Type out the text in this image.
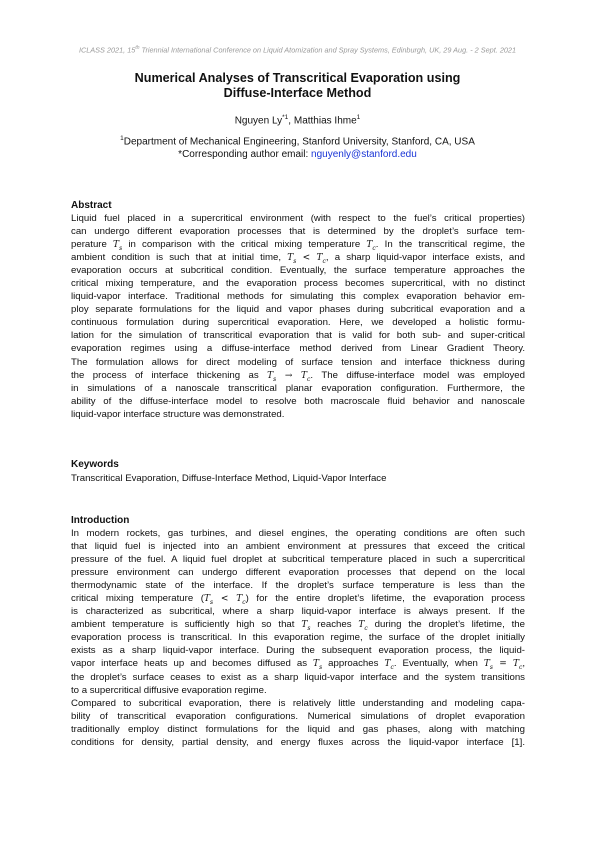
ICLASS 2021, 15th Triennial International Conference on Liquid Atomization and Spray Systems, Edinburgh, UK, 29 Aug. - 2 Sept. 2021
Numerical Analyses of Transcritical Evaporation using
Diffuse-Interface Method
Nguyen Ly$^{*1}$, Matthias Ihme$^1$
$^1$Department of Mechanical Engineering, Stanford University, Stanford, CA, USA
*Corresponding author email: nguyenly@stanford.edu
Abstract
Liquid fuel placed in a supercritical environment (with respect to the fuel’s critical properties)
can undergo different evaporation processes that is determined by the droplet’s surface tem-
perature $T_s$ in comparison with the critical mixing temperature $T_c$. In the transcritical regime, the
ambient condition is such that at initial time, $T_s < T_c$, a sharp liquid-vapor interface exists, and
evaporation occurs at subcritical condition. Eventually, the surface temperature approaches the
critical mixing temperature, and the evaporation process becomes supercritical, with no distinct
liquid-vapor interface. Traditional methods for simulating this complex evaporation behavior em-
ploy separate formulations for the liquid and vapor phases during subcritical evaporation and a
continuous formulation during supercritical evaporation. Here, we developed a holistic formu-
lation for the simulation of transcritical evaporation that is valid for both sub- and super-critical
evaporation regimes using a diffuse-interface method derived from Linear Gradient Theory.
The formulation allows for direct modeling of surface tension and interface thickness during
the process of interface thickening as $T_s \to T_c$. The diffuse-interface model was employed
in simulations of a nanoscale transcritical planar evaporation configuration. Furthermore, the
ability of the diffuse-interface model to resolve both macroscale fluid behavior and nanoscale
liquid-vapor interface structure was demonstrated.
Keywords
Transcritical Evaporation, Diffuse-Interface Method, Liquid-Vapor Interface
Introduction
In modern rockets, gas turbines, and diesel engines, the operating conditions are often such
that liquid fuel is injected into an ambient environment at pressures that exceed the critical
pressure of the fuel. A liquid fuel droplet at subcritical temperature placed in such a supercritical
pressure environment can undergo different evaporation processes that depend on the local
thermodynamic state of the interface. If the droplet’s surface temperature is less than the
critical mixing temperature $(T_s < T_c)$ for the entire droplet’s lifetime, the evaporation process
is characterized as subcritical, where a sharp liquid-vapor interface is always present. If the
ambient temperature is sufficiently high so that $T_s$ reaches $T_c$ during the droplet’s lifetime, the
evaporation process is transcritical. In this evaporation regime, the surface of the droplet initially
exists as a sharp liquid-vapor interface. During the subsequent evaporation process, the liquid-
vapor interface heats up and becomes diffused as $T_s$ approaches $T_c$. Eventually, when $T_s = T_c$,
the droplet’s surface ceases to exist as a sharp liquid-vapor interface and the system transitions
to a supercritical diffusive evaporation regime.
Compared to subcritical evaporation, there is relatively little understanding and modeling capa-
bility of transcritical evaporation configurations. Numerical simulations of droplet evaporation
traditionally employ distinct formulations for the liquid and gas phases, along with matching
conditions for density, partial density, and energy fluxes across the liquid-vapor interface [1].
